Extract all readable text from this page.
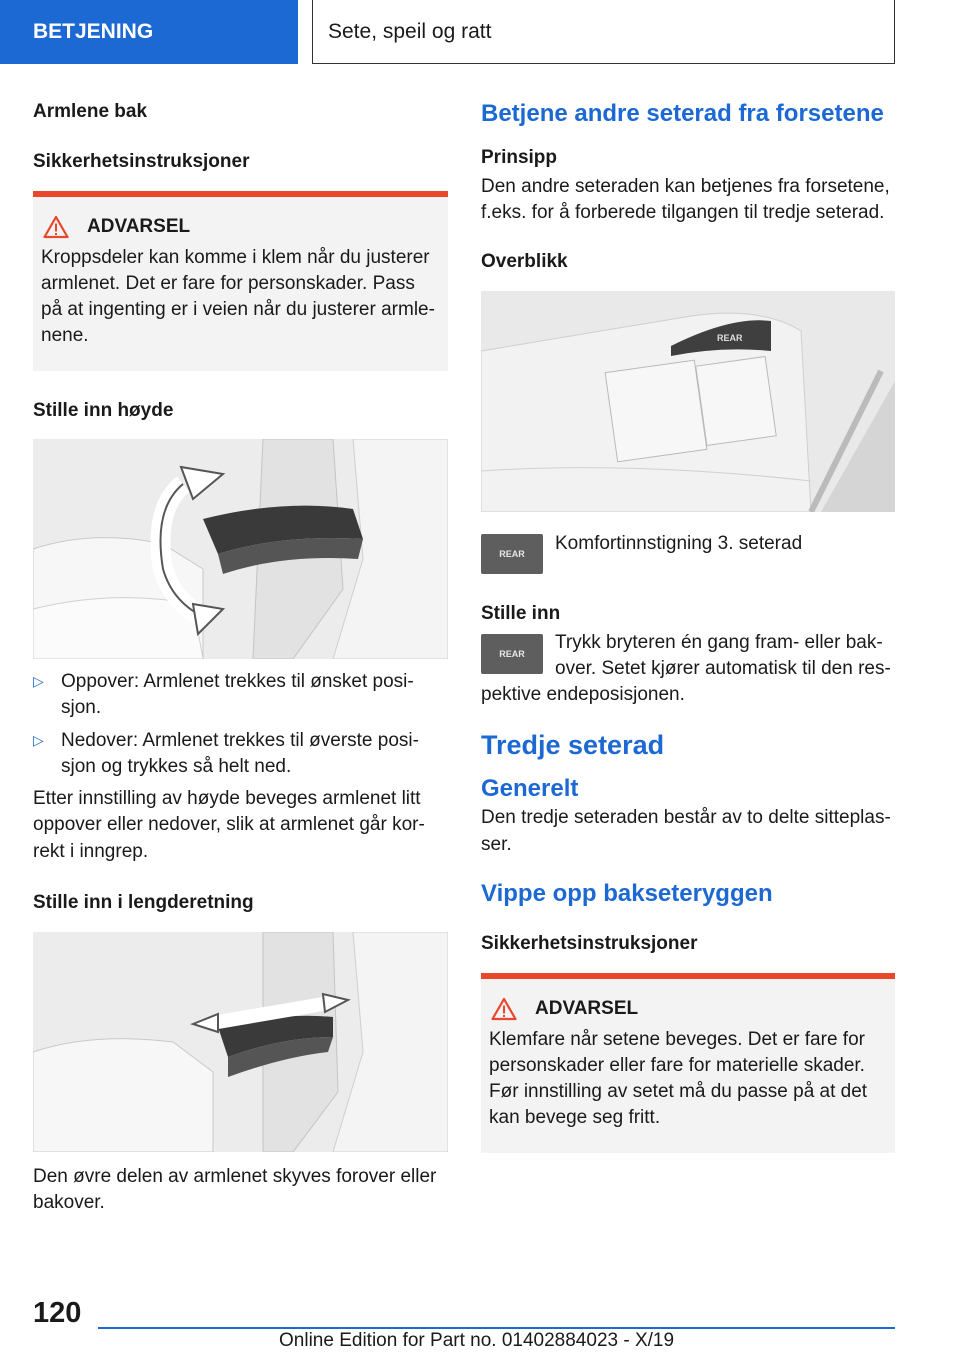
BETJENING	Sete, speil og ratt

Armlene bak

Sikkerhetsinstruksjoner

ADVARSEL

Kroppsdeler kan komme i klem når du justerer armlenet. Det er fare for personskader. Pass på at ingenting er i veien når du justerer armle-nene.

Stille inn høyde

▷ Oppover: Armlenet trekkes til ønsket posi-sjon.
▷ Nedover: Armlenet trekkes til øverste posi-sjon og trykkes så helt ned.

Etter innstilling av høyde beveges armlenet litt oppover eller nedover, slik at armlenet går kor-rekt i inngrep.

Stille inn i lengderetning

Den øvre delen av armlenet skyves forover eller bakover.

Betjene andre seterad fra forsetene

Prinsipp

Den andre seteraden kan betjenes fra forsetene, f.eks. for å forberede tilgangen til tredje seterad.

Overblikk

REAR
REAR Komfortinnstigning 3. seterad

Stille inn

REAR

Trykk bryteren én gang fram- eller bak-over. Setet kjører automatisk til den res-pektive endeposisjonen.

Tredje seterad

Generelt

Den tredje seteraden består av to delte sitteplas-ser.

Vippe opp bakseteryggen

Sikkerhetsinstruksjoner

ADVARSEL

Klemfare når setene beveges. Det er fare for personskader eller fare for materielle skader. Før innstilling av setet må du passe på at det kan bevege seg fritt.

120
Online Edition for Part no. 01402884023 - X/19
